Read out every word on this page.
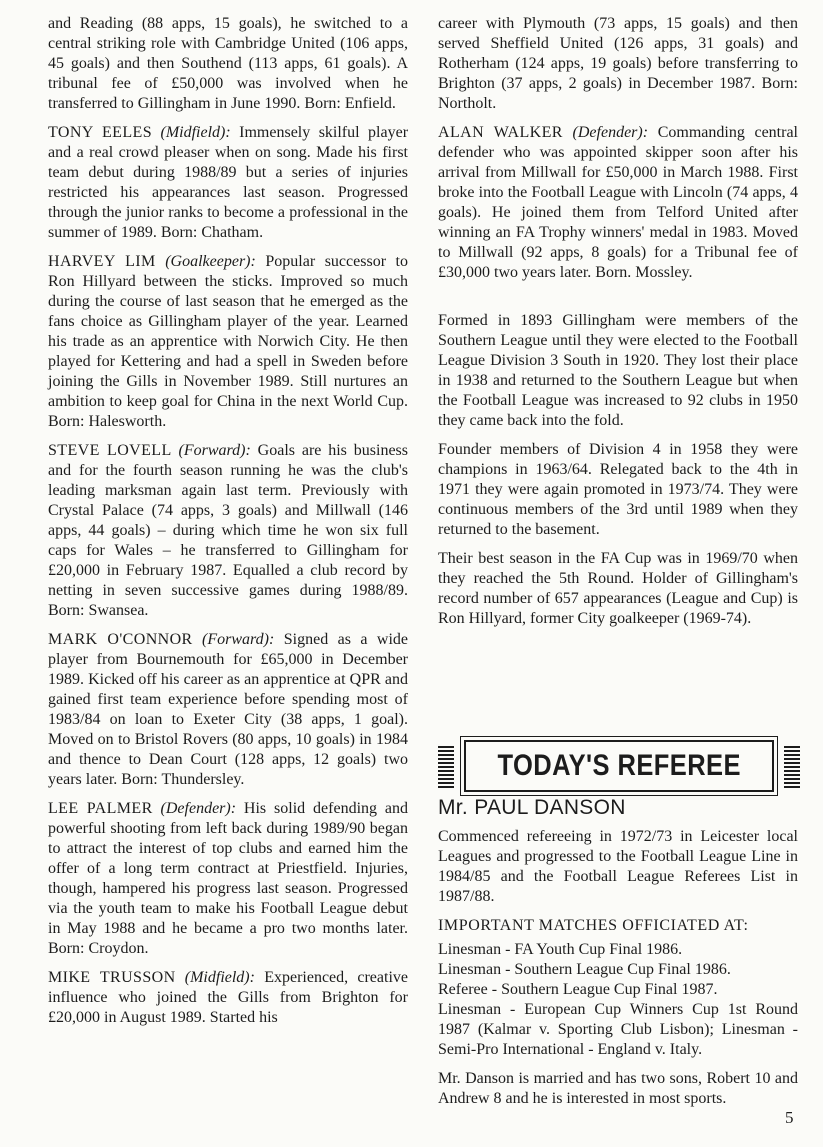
and Reading (88 apps, 15 goals), he switched to a central striking role with Cambridge United (106 apps, 45 goals) and then Southend (113 apps, 61 goals). A tribunal fee of £50,000 was involved when he transferred to Gillingham in June 1990. Born: Enfield.

TONY EELES (Midfield): Immensely skilful player and a real crowd pleaser when on song. Made his first team debut during 1988/89 but a series of injuries restricted his appearances last season. Progressed through the junior ranks to become a professional in the summer of 1989. Born: Chatham.

HARVEY LIM (Goalkeeper): Popular successor to Ron Hillyard between the sticks. Improved so much during the course of last season that he emerged as the fans choice as Gillingham player of the year. Learned his trade as an apprentice with Norwich City. He then played for Kettering and had a spell in Sweden before joining the Gills in November 1989. Still nurtures an ambition to keep goal for China in the next World Cup. Born: Halesworth.

STEVE LOVELL (Forward): Goals are his business and for the fourth season running he was the club's leading marksman again last term. Previously with Crystal Palace (74 apps, 3 goals) and Millwall (146 apps, 44 goals) – during which time he won six full caps for Wales – he transferred to Gillingham for £20,000 in February 1987. Equalled a club record by netting in seven successive games during 1988/89. Born: Swansea.

MARK O'CONNOR (Forward): Signed as a wide player from Bournemouth for £65,000 in December 1989. Kicked off his career as an apprentice at QPR and gained first team experience before spending most of 1983/84 on loan to Exeter City (38 apps, 1 goal). Moved on to Bristol Rovers (80 apps, 10 goals) in 1984 and thence to Dean Court (128 apps, 12 goals) two years later. Born: Thundersley.

LEE PALMER (Defender): His solid defending and powerful shooting from left back during 1989/90 began to attract the interest of top clubs and earned him the offer of a long term contract at Priestfield. Injuries, though, hampered his progress last season. Progressed via the youth team to make his Football League debut in May 1988 and he became a pro two months later. Born: Croydon.

MIKE TRUSSON (Midfield): Experienced, creative influence who joined the Gills from Brighton for £20,000 in August 1989. Started his

career with Plymouth (73 apps, 15 goals) and then served Sheffield United (126 apps, 31 goals) and Rotherham (124 apps, 19 goals) before transferring to Brighton (37 apps, 2 goals) in December 1987. Born: Northolt.

ALAN WALKER (Defender): Commanding central defender who was appointed skipper soon after his arrival from Millwall for £50,000 in March 1988. First broke into the Football League with Lincoln (74 apps, 4 goals). He joined them from Telford United after winning an FA Trophy winners' medal in 1983. Moved to Millwall (92 apps, 8 goals) for a Tribunal fee of £30,000 two years later. Born. Mossley.

Formed in 1893 Gillingham were members of the Southern League until they were elected to the Football League Division 3 South in 1920. They lost their place in 1938 and returned to the Southern League but when the Football League was increased to 92 clubs in 1950 they came back into the fold.

Founder members of Division 4 in 1958 they were champions in 1963/64. Relegated back to the 4th in 1971 they were again promoted in 1973/74. They were continuous members of the 3rd until 1989 when they returned to the basement.

Their best season in the FA Cup was in 1969/70 when they reached the 5th Round. Holder of Gillingham's record number of 657 appearances (League and Cup) is Ron Hillyard, former City goalkeeper (1969-74).

TODAY'S REFEREE
Mr. PAUL DANSON

Commenced refereeing in 1972/73 in Leicester local Leagues and progressed to the Football League Line in 1984/85 and the Football League Referees List in 1987/88.

IMPORTANT MATCHES OFFICIATED AT:

Linesman - FA Youth Cup Final 1986.

Linesman - Southern League Cup Final 1986.

Referee - Southern League Cup Final 1987.

Linesman - European Cup Winners Cup 1st Round 1987 (Kalmar v. Sporting Club Lisbon); Linesman - Semi-Pro International - England v. Italy.

Mr. Danson is married and has two sons, Robert 10 and Andrew 8 and he is interested in most sports.

5
